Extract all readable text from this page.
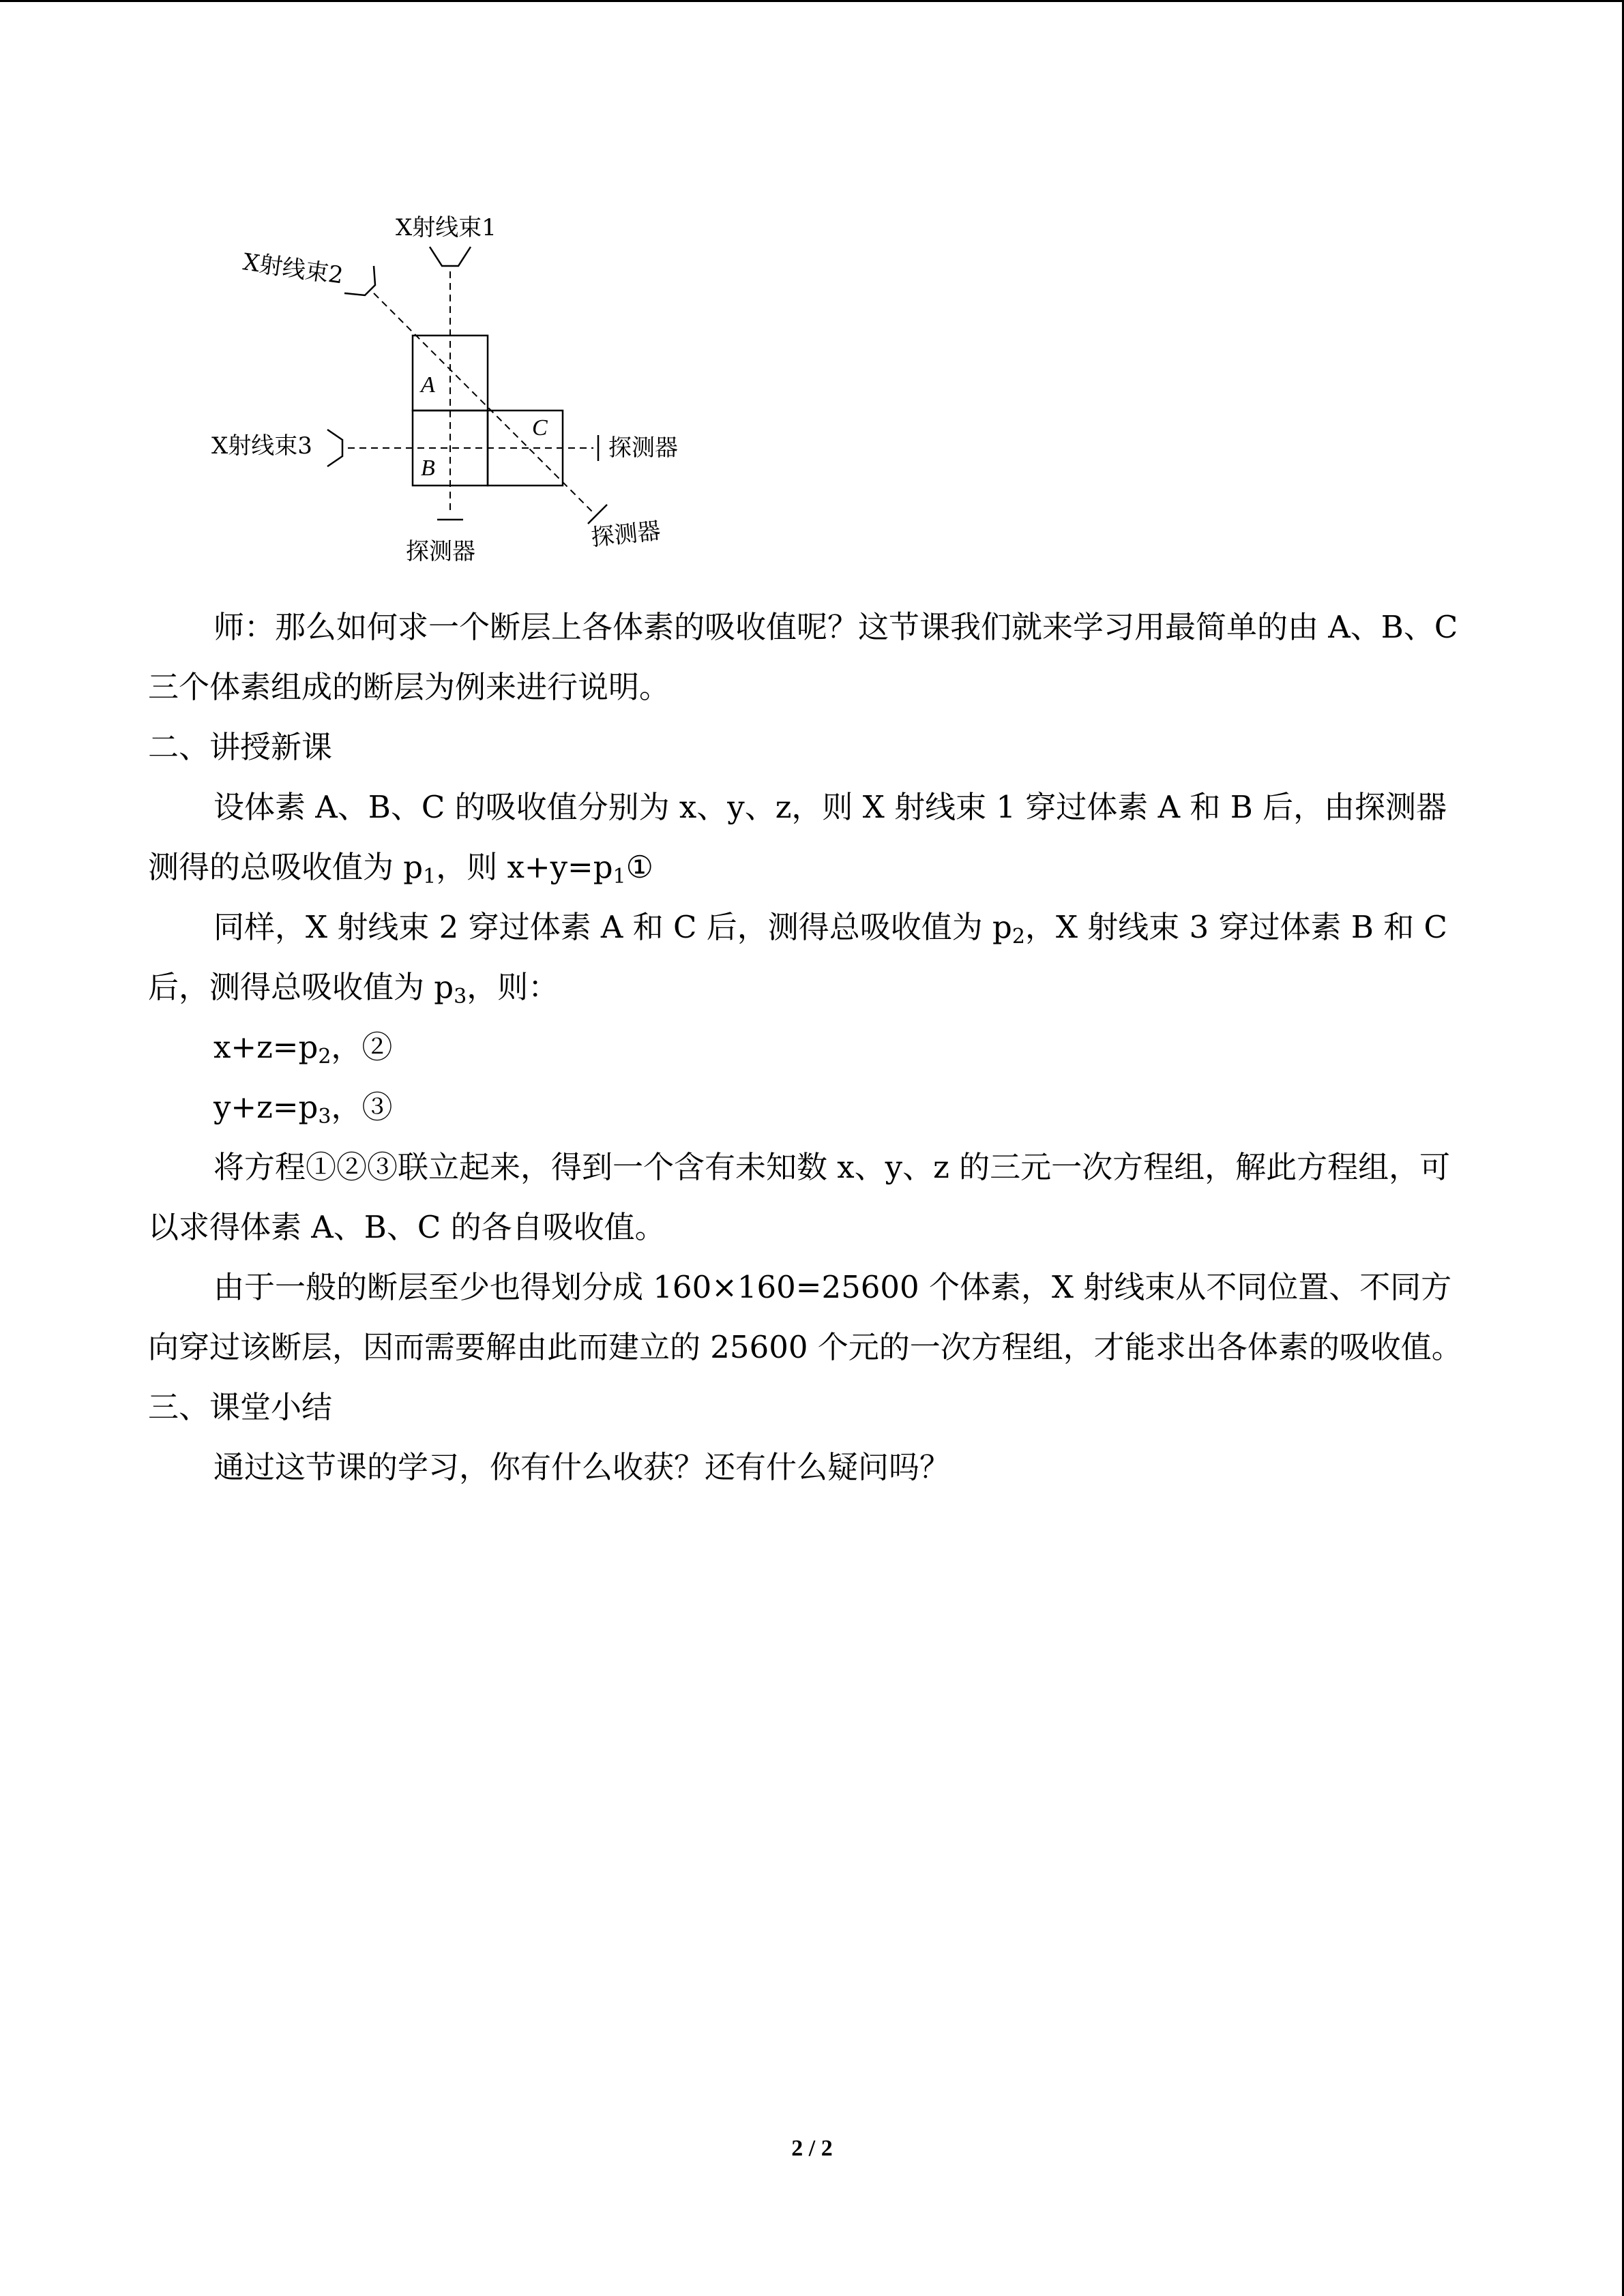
X射线束1
X射线束2
X射线束3	探测器
探测器
探测器
A
B
C

师：那么如何求一个断层上各体素的吸收值呢？这节课我们就来学习用最简单的由 A、B、C 三个体素组成的断层为例来进行说明。

二、讲授新课

设体素 A、B、C 的吸收值分别为 x、y、z，则 X 射线束 1 穿过体素 A 和 B 后，由探测器测得的总吸收值为 $p_1$，则 $x+y=p_1①$

同样，X 射线束 2 穿过体素 A 和 C 后，测得总吸收值为 $p_2$，X 射线束 3 穿过体素 B 和 C 后，测得总吸收值为 $p_3$，则：

$x+z=p_2$，②

$y+z=p_3$，③

将方程①②③联立起来，得到一个含有未知数 x、y、z 的三元一次方程组，解此方程组，可以求得体素 A、B、C 的各自吸收值。

由于一般的断层至少也得划分成 160×160=25600 个体素，X 射线束从不同位置、不同方向穿过该断层，因而需要解由此而建立的 25600 个元的一次方程组，才能求出各体素的吸收值。

三、课堂小结

通过这节课的学习，你有什么收获？还有什么疑问吗？

2 / 2
